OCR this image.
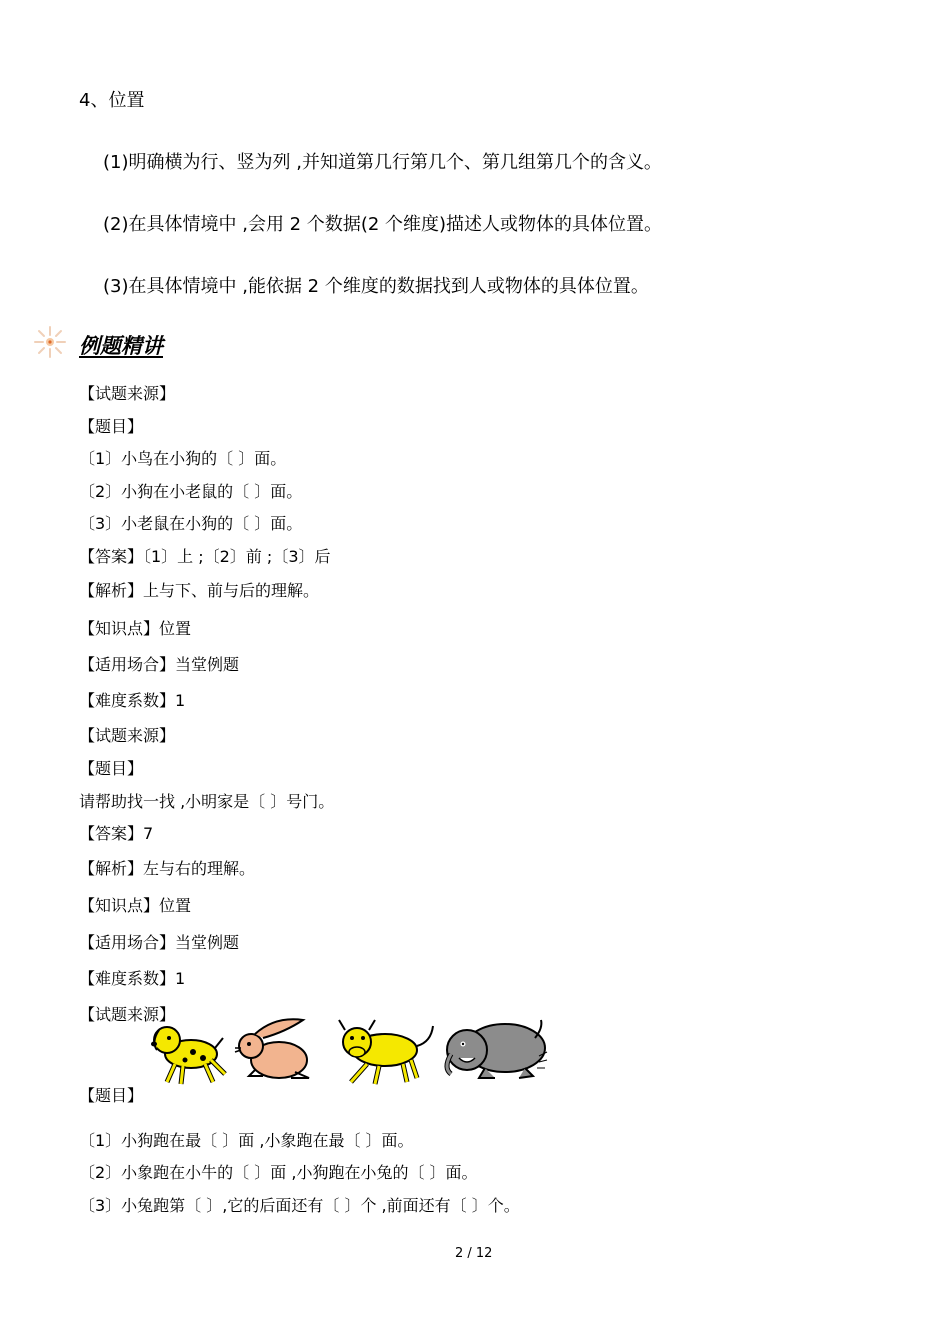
4、位置
(1)明确横为行、竖为列 ,并知道第几行第几个、第几组第几个的含义。
(2)在具体情境中 ,会用 2 个数据(2 个维度)描述人或物体的具体位置。
(3)在具体情境中 ,能依据 2 个维度的数据找到人或物体的具体位置。
例题精讲
【试题来源】
【题目】
〔1〕小鸟在小狗的〔 〕面。
〔2〕小狗在小老鼠的〔 〕面。
〔3〕小老鼠在小狗的〔 〕面。
【答案】〔1〕上 ;〔2〕前 ;〔3〕后
【解析】上与下、前与后的理解。
【知识点】位置
【适用场合】当堂例题
【难度系数】1
【试题来源】
【题目】
请帮助找一找 ,小明家是〔 〕号门。
【答案】7
【解析】左与右的理解。
【知识点】位置
【适用场合】当堂例题
【难度系数】1
【试题来源】
【题目】
〔1〕小狗跑在最〔 〕面 ,小象跑在最〔 〕面。
〔2〕小象跑在小牛的〔 〕面 ,小狗跑在小兔的〔 〕面。
〔3〕小兔跑第〔 〕,它的后面还有〔 〕个 ,前面还有〔 〕个。
2 / 12
